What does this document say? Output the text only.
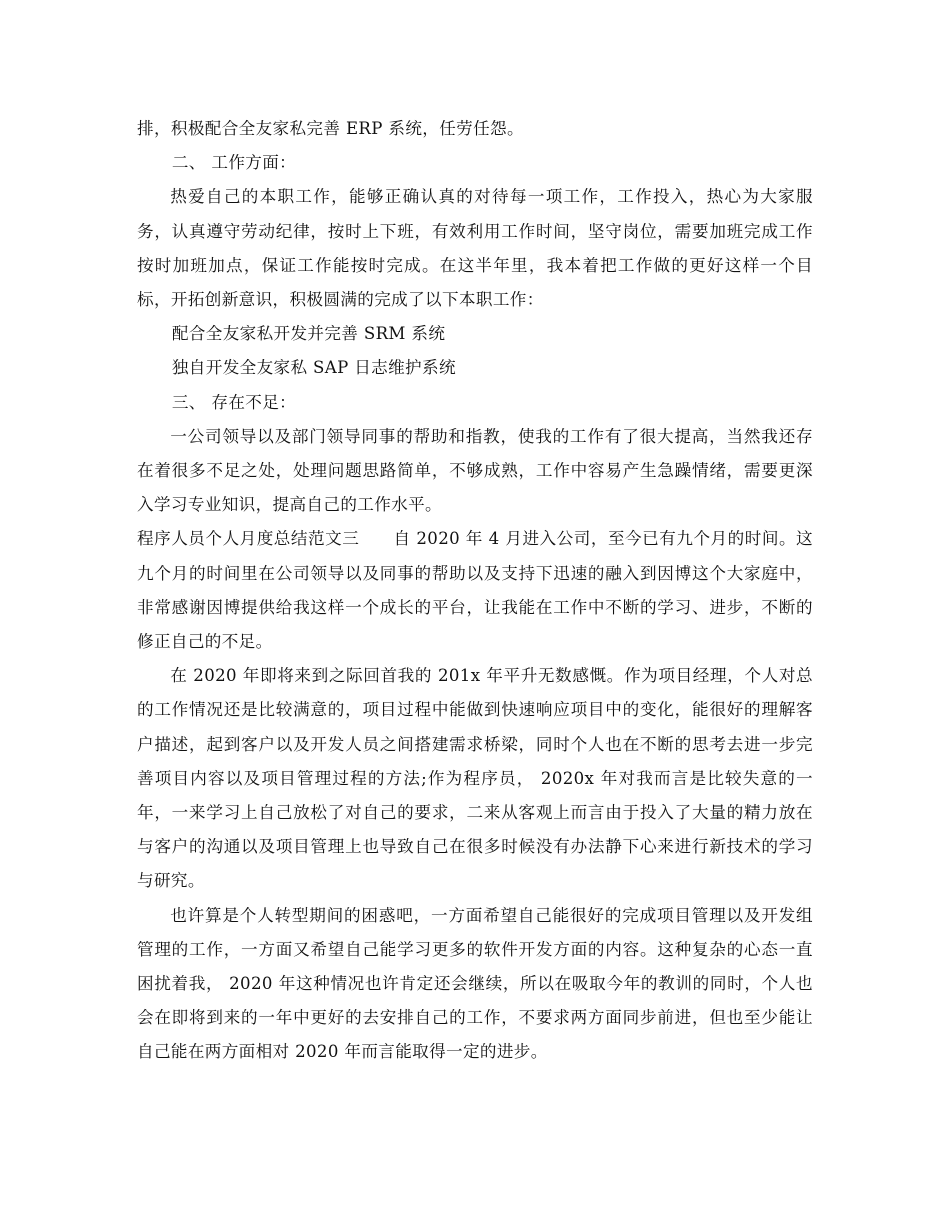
排，积极配合全友家私完善 ERP 系统，任劳任怨。

二、 工作方面：

热爱自己的本职工作，能够正确认真的对待每一项工作，工作投入，热心为大家服务，认真遵守劳动纪律，按时上下班，有效利用工作时间，坚守岗位，需要加班完成工作按时加班加点，保证工作能按时完成。在这半年里，我本着把工作做的更好这样一个目标，开拓创新意识，积极圆满的完成了以下本职工作：

配合全友家私开发并完善 SRM 系统

独自开发全友家私 SAP 日志维护系统

三、 存在不足：

一公司领导以及部门领导同事的帮助和指教，使我的工作有了很大提高，当然我还存在着很多不足之处，处理问题思路简单，不够成熟，工作中容易产生急躁情绪，需要更深入学习专业知识，提高自己的工作水平。

程序人员个人月度总结范文三　　自 2020 年 4 月进入公司，至今已有九个月的时间。这九个月的时间里在公司领导以及同事的帮助以及支持下迅速的融入到因博这个大家庭中，非常感谢因博提供给我这样一个成长的平台，让我能在工作中不断的学习、进步，不断的修正自己的不足。

在 2020 年即将来到之际回首我的 201x 年平升无数感慨。作为项目经理，个人对总的工作情况还是比较满意的，项目过程中能做到快速响应项目中的变化，能很好的理解客户描述，起到客户以及开发人员之间搭建需求桥梁，同时个人也在不断的思考去进一步完善项目内容以及项目管理过程的方法;作为程序员， 2020x 年对我而言是比较失意的一年，一来学习上自己放松了对自己的要求，二来从客观上而言由于投入了大量的精力放在与客户的沟通以及项目管理上也导致自己在很多时候没有办法静下心来进行新技术的学习与研究。

也许算是个人转型期间的困惑吧，一方面希望自己能很好的完成项目管理以及开发组管理的工作，一方面又希望自己能学习更多的软件开发方面的内容。这种复杂的心态一直困扰着我， 2020 年这种情况也许肯定还会继续，所以在吸取今年的教训的同时，个人也会在即将到来的一年中更好的去安排自己的工作，不要求两方面同步前进，但也至少能让自己能在两方面相对 2020 年而言能取得一定的进步。
